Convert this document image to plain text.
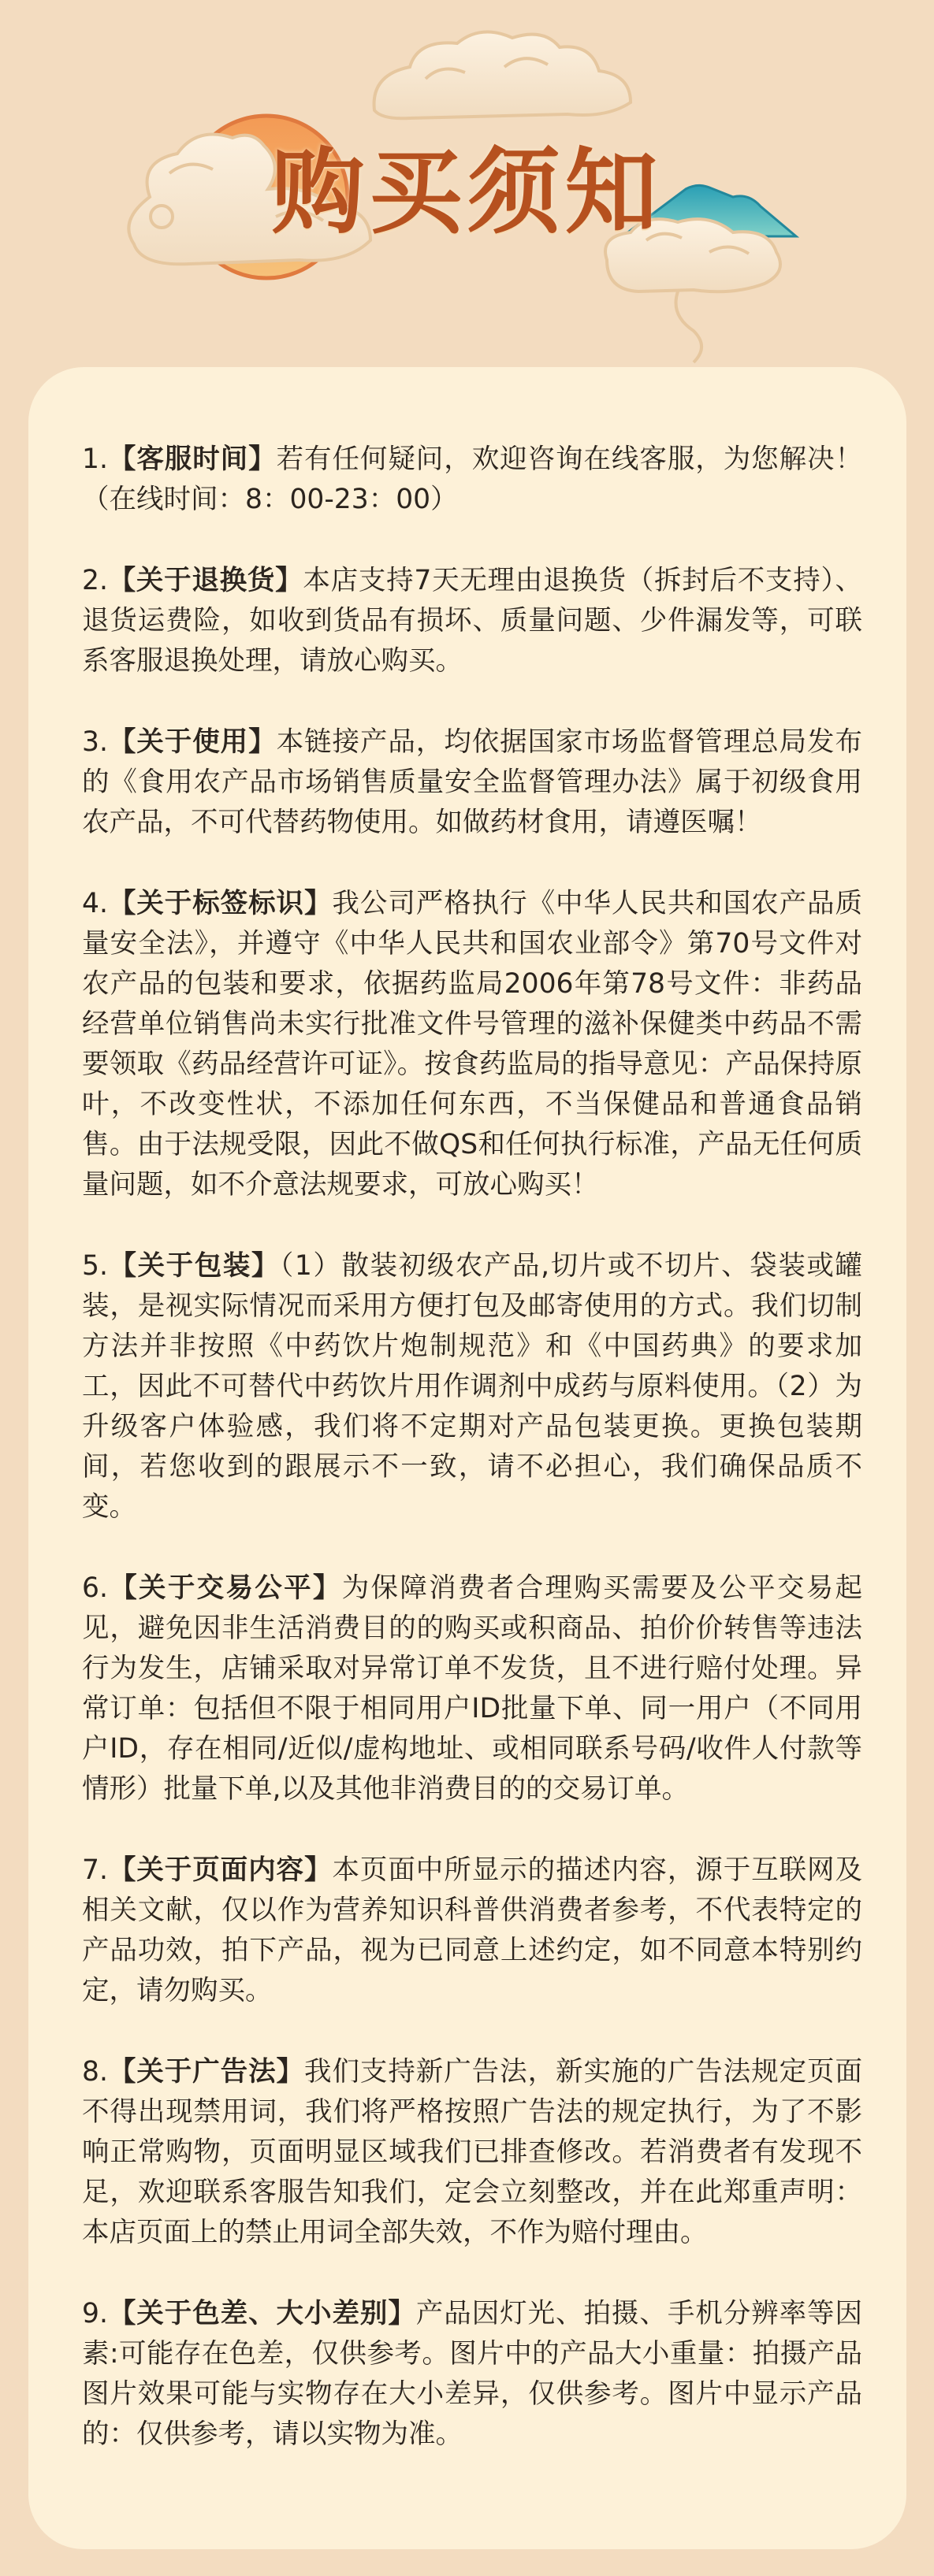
购买须知

1.【客服时间】若有任何疑问，欢迎咨询在线客服，为您解决！（在线时间：8：00-23：00）

2.【关于退换货】本店支持7天无理由退换货（拆封后不支持）、退货运费险，如收到货品有损坏、质量问题、少件漏发等，可联系客服退换处理，请放心购买。

3.【关于使用】本链接产品，均依据国家市场监督管理总局发布的《食用农产品市场销售质量安全监督管理办法》属于初级食用农产品，不可代替药物使用。如做药材食用，请遵医嘱！

4.【关于标签标识】我公司严格执行《中华人民共和国农产品质量安全法》，并遵守《中华人民共和国农业部令》第70号文件对农产品的包装和要求，依据药监局2006年第78号文件：非药品经营单位销售尚未实行批准文件号管理的滋补保健类中药品不需要领取《药品经营许可证》。按食药监局的指导意见：产品保持原叶，不改变性状，不添加任何东西，不当保健品和普通食品销售。由于法规受限，因此不做QS和任何执行标准，产品无任何质量问题，如不介意法规要求，可放心购买！

5.【关于包装】（1）散装初级农产品,切片或不切片、袋装或罐装，是视实际情况而采用方便打包及邮寄使用的方式。我们切制方法并非按照《中药饮片炮制规范》和《中国药典》的要求加工，因此不可替代中药饮片用作调剂中成药与原料使用。（2）为升级客户体验感，我们将不定期对产品包装更换。更换包装期间，若您收到的跟展示不一致，请不必担心，我们确保品质不变。

6.【关于交易公平】为保障消费者合理购买需要及公平交易起见，避免因非生活消费目的的购买或积商品、拍价价转售等违法行为发生，店铺采取对异常订单不发货，且不进行赔付处理。异常订单：包括但不限于相同用户ID批量下单、同一用户（不同用户ID，存在相同/近似/虚构地址、或相同联系号码/收件人付款等情形）批量下单,以及其他非消费目的的交易订单。

7.【关于页面内容】本页面中所显示的描述内容，源于互联网及相关文献，仅以作为营养知识科普供消费者参考，不代表特定的产品功效，拍下产品，视为已同意上述约定，如不同意本特别约定，请勿购买。

8.【关于广告法】我们支持新广告法，新实施的广告法规定页面不得出现禁用词，我们将严格按照广告法的规定执行，为了不影响正常购物，页面明显区域我们已排查修改。若消费者有发现不足，欢迎联系客服告知我们，定会立刻整改，并在此郑重声明：本店页面上的禁止用词全部失效，不作为赔付理由。

9.【关于色差、大小差别】产品因灯光、拍摄、手机分辨率等因素:可能存在色差，仅供参考。图片中的产品大小重量：拍摄产品图片效果可能与实物存在大小差异，仅供参考。图片中显示产品的：仅供参考，请以实物为准。
